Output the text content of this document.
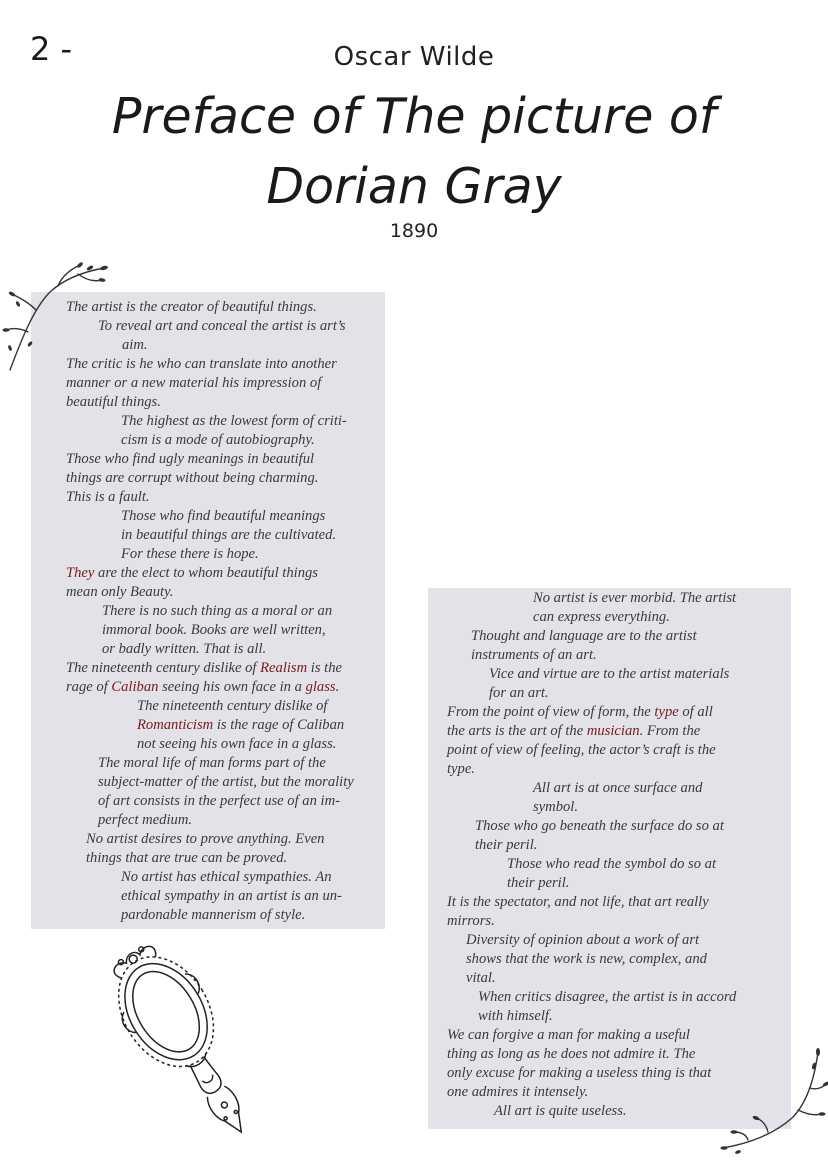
2 -	Oscar Wilde
Preface of The picture of
Dorian Gray
1890
The artist is the creator of beautiful things.
To reveal art and conceal the artist is art’s
aim.
The critic is he who can translate into another
manner or a new material his impression of
beautiful things.
The highest as the lowest form of criti-
cism is a mode of autobiography.
Those who find ugly meanings in beautiful
things are corrupt without being charming.
This is a fault.
Those who find beautiful meanings
in beautiful things are the cultivated.
For these there is hope.
They are the elect to whom beautiful things
mean only Beauty.
There is no such thing as a moral or an
immoral book. Books are well written,
or badly written. That is all.
The nineteenth century dislike of Realism is the
rage of Caliban seeing his own face in a glass.
The nineteenth century dislike of
Romanticism is the rage of Caliban
not seeing his own face in a glass.
The moral life of man forms part of the
subject-matter of the artist, but the morality
of art consists in the perfect use of an im-
perfect medium.
No artist desires to prove anything. Even
things that are true can be proved.
No artist has ethical sympathies. An
ethical sympathy in an artist is an un-
pardonable mannerism of style.
No artist is ever morbid. The artist
can express everything.
Thought and language are to the artist
instruments of an art.
Vice and virtue are to the artist materials
for an art.
From the point of view of form, the type of all
the arts is the art of the musician. From the
point of view of feeling, the actor’s craft is the
type.
All art is at once surface and
symbol.
Those who go beneath the surface do so at
their peril.
Those who read the symbol do so at
their peril.
It is the spectator, and not life, that art really
mirrors.
Diversity of opinion about a work of art
shows that the work is new, complex, and
vital.
When critics disagree, the artist is in accord
with himself.
We can forgive a man for making a useful
thing as long as he does not admire it. The
only excuse for making a useless thing is that
one admires it intensely.
All art is quite useless.
